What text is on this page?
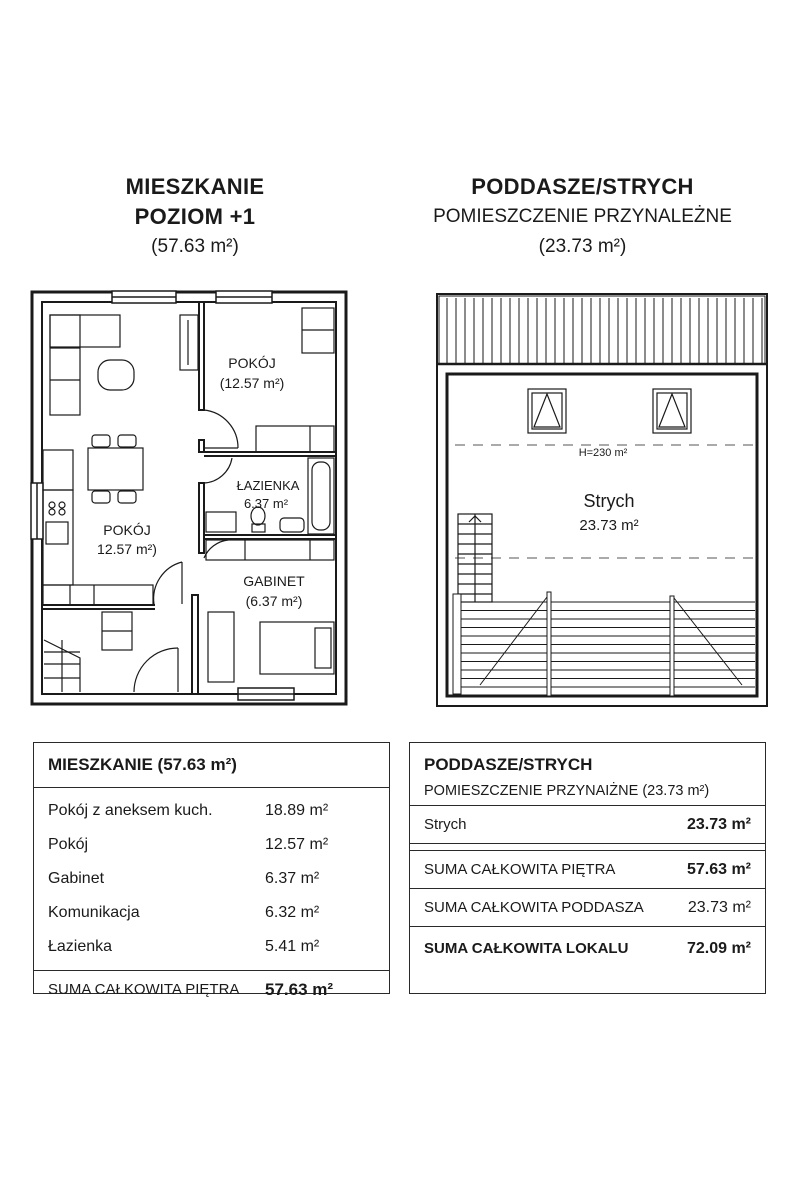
MIESZKANIE
POZIOM +1
(57.63 m²)
PODDASZE/STRYCH
POMIESZCZENIE PRZYNALEŻNE
(23.73 m²)
POKÓJ
(12.57 m²)
ŁAZIENKA
6.37 m²
POKÓJ
12.57 m²)
GABINET
(6.37 m²)
H=230 m²
Strych
23.73 m²
MIESZKANIE (57.63 m²)
Pokój z aneksem kuch.	18.89 m²
Pokój	12.57 m²
Gabinet	6.37 m²
Komunikacja	6.32 m²
Łazienka	5.41 m²
SUMA CAŁKOWITA PIĘTRA 57.63 m²
PODDASZE/STRYCH
POMIESZCZENIE PRZYNAIŻNE (23.73 m²)
Strych	23.73 m²
SUMA CAŁKOWITA PIĘTRA	57.63 m²
SUMA CAŁKOWITA PODDASZA	23.73 m²
SUMA CAŁKOWITA LOKALU	72.09 m²
